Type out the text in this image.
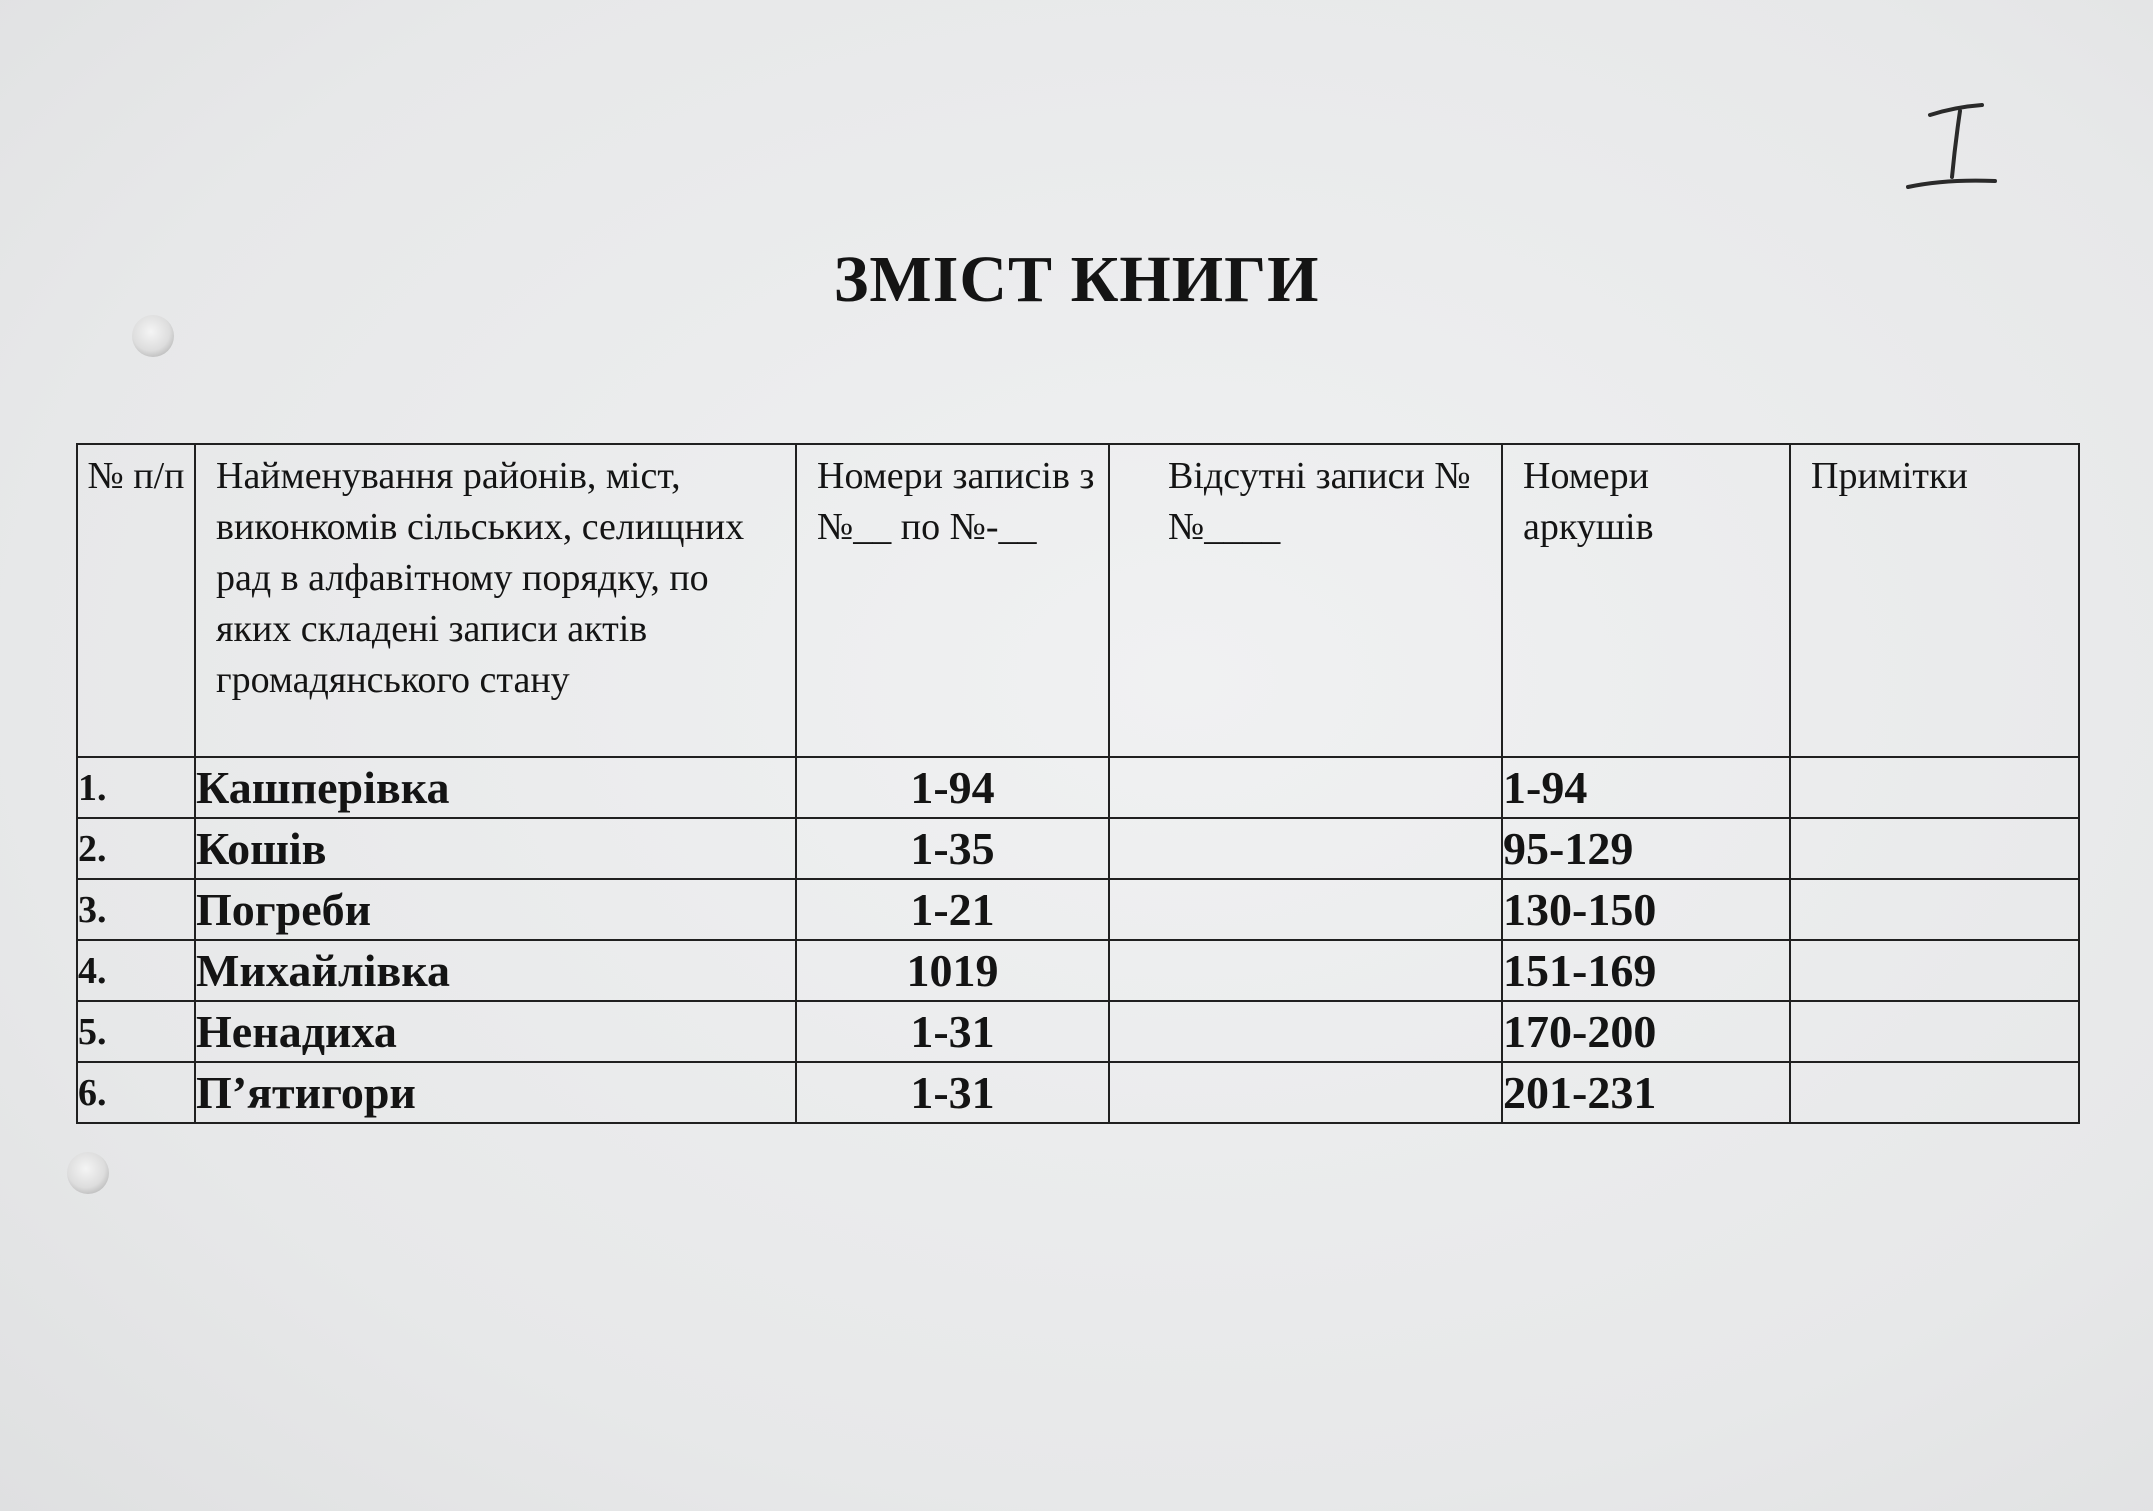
ЗМІСТ КНИГИ
№ п/п	Найменування районів, міст, виконкомів сільських, селищних рад в алфавітному порядку, по яких складені записи актів громадянського стану	Номери записів з №__ по №-__	Відсутні записи №№____	Номери аркушів	Примітки
1.	Кашперівка	1-94		1-94	
2.	Кошів	1-35		95-129	
3.	Погреби	1-21		130-150	
4.	Михайлівка	1019		151-169	
5.	Ненадиха	1-31		170-200	
6.	П’ятигори	1-31		201-231	
